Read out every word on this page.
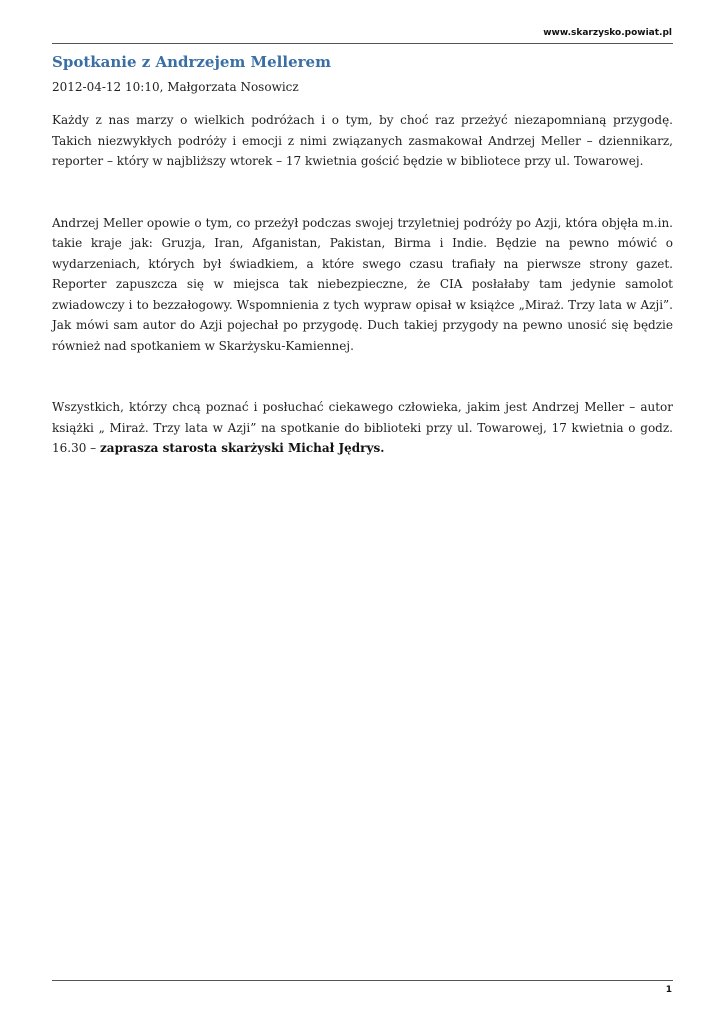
www.skarzysko.powiat.pl
Spotkanie z Andrzejem Mellerem
2012-04-12 10:10, Małgorzata Nosowicz

Każdy z nas marzy o wielkich podróżach i o tym, by choć raz przeżyć niezapomnianą przygodę. Takich niezwykłych podróży i emocji z nimi związanych zasmakował Andrzej Meller – dziennikarz, reporter – który w najbliższy wtorek – 17 kwietnia gościć będzie w bibliotece przy ul. Towarowej.

Andrzej Meller opowie o tym, co przeżył podczas swojej trzyletniej podróży po Azji, która objęła m.in. takie kraje jak: Gruzja, Iran, Afganistan, Pakistan, Birma i Indie. Będzie na pewno mówić o wydarzeniach, których był świadkiem, a które swego czasu trafiały na pierwsze strony gazet. Reporter zapuszcza się w miejsca tak niebezpieczne, że CIA posłałaby tam jedynie samolot zwiadowczy i to bezzałogowy. Wspomnienia z tych wypraw opisał w książce „Miraż. Trzy lata w Azji”. Jak mówi sam autor do Azji pojechał po przygodę. Duch takiej przygody na pewno unosić się będzie również nad spotkaniem w Skarżysku-Kamiennej.

Wszystkich, którzy chcą poznać i posłuchać ciekawego człowieka, jakim jest Andrzej Meller – autor książki „ Miraż. Trzy lata w Azji” na spotkanie do biblioteki przy ul. Towarowej, 17 kwietnia o godz. 16.30 – zaprasza starosta skarżyski Michał Jędrys.

1
